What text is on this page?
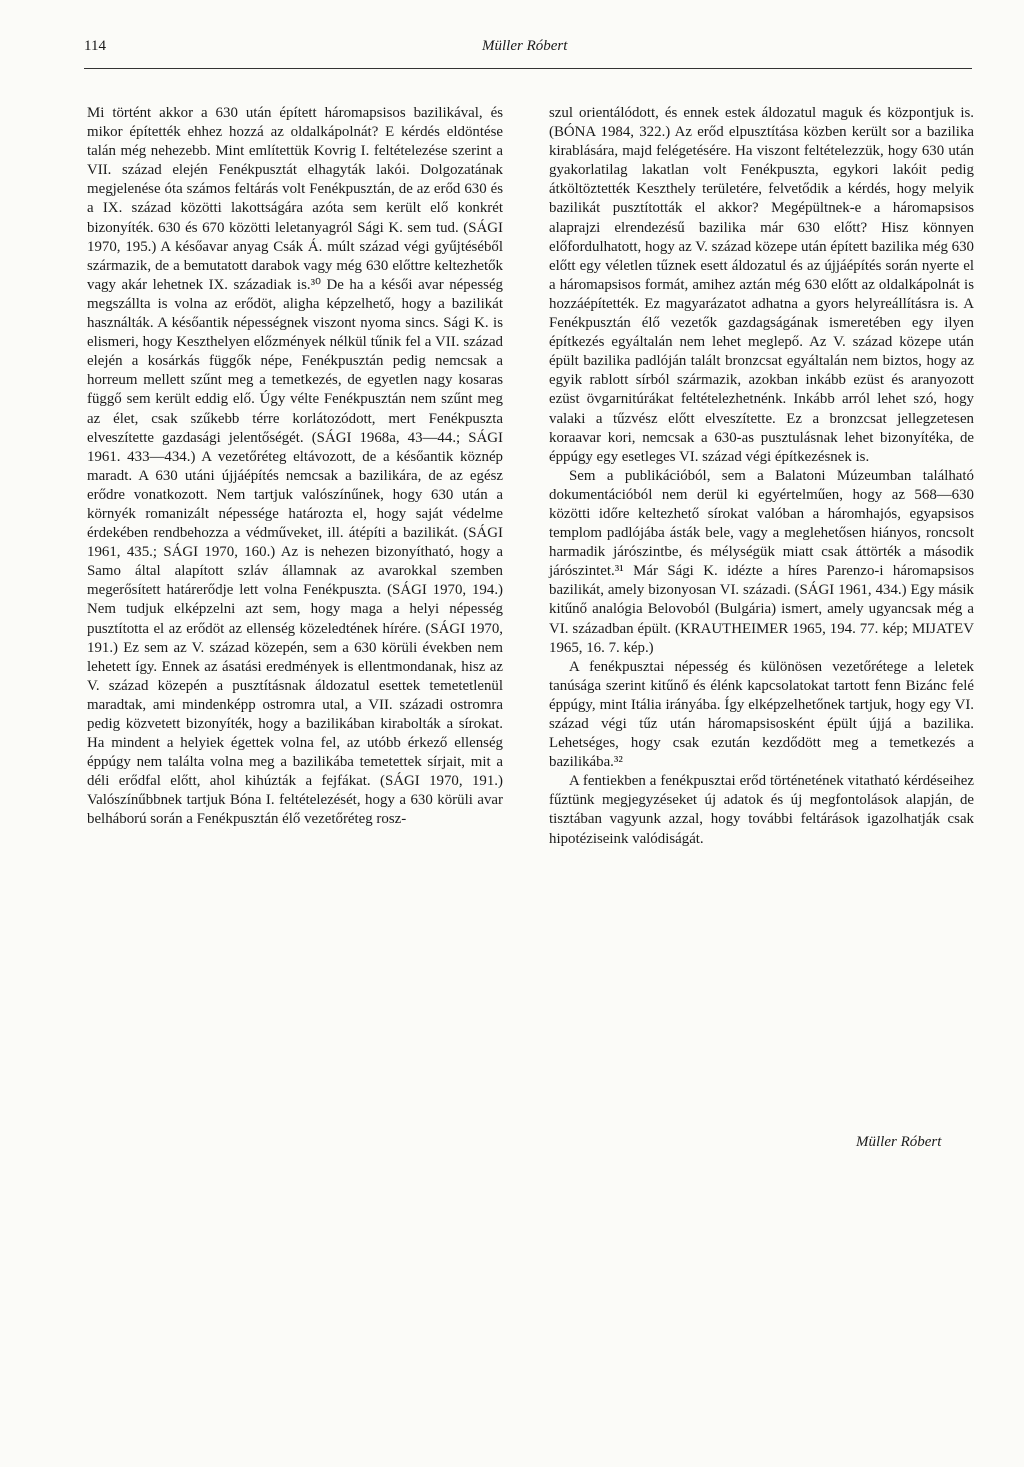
114	Müller Róbert

Mi történt akkor a 630 után épített háromapsisos bazilikával, és mikor építették ehhez hozzá az oldalkápolnát? E kérdés eldöntése talán még nehezebb. Mint említettük Kovrig I. feltételezése szerint a VII. század elején Fenékpusztát elhagyták lakói. Dolgozatának megjelenése óta számos feltárás volt Fenékpusztán, de az erőd 630 és a IX. század közötti lakottságára azóta sem került elő konkrét bizonyíték. 630 és 670 közötti leletanyagról Sági K. sem tud. (SÁGI 1970, 195.) A későavar anyag Csák Á. múlt század végi gyűjtéséből származik, de a bemutatott darabok vagy még 630 előttre keltezhetők vagy akár lehetnek IX. századiak is.³⁰ De ha a késői avar népesség megszállta is volna az erődöt, aligha képzelhető, hogy a bazilikát használták. A későantik népességnek viszont nyoma sincs. Sági K. is elismeri, hogy Keszthelyen előzmények nélkül tűnik fel a VII. század elején a kosárkás függők népe, Fenékpusztán pedig nemcsak a horreum mellett szűnt meg a temetkezés, de egyetlen nagy kosaras függő sem került eddig elő. Úgy vélte Fenékpusztán nem szűnt meg az élet, csak szűkebb térre korlátozódott, mert Fenékpuszta elveszítette gazdasági jelentőségét. (SÁGI 1968a, 43—44.; SÁGI 1961. 433—434.) A vezetőréteg eltávozott, de a későantik köznép maradt. A 630 utáni újjáépítés nemcsak a bazilikára, de az egész erődre vonatkozott. Nem tartjuk valószínűnek, hogy 630 után a környék romanizált népessége határozta el, hogy saját védelme érdekében rendbehozza a védműveket, ill. átépíti a bazilikát. (SÁGI 1961, 435.; SÁGI 1970, 160.) Az is nehezen bizonyítható, hogy a Samo által alapított szláv államnak az avarokkal szemben megerősített határerődje lett volna Fenékpuszta. (SÁGI 1970, 194.) Nem tudjuk elképzelni azt sem, hogy maga a helyi népesség pusztította el az erődöt az ellenség közeledtének hírére. (SÁGI 1970, 191.) Ez sem az V. század közepén, sem a 630 körüli években nem lehetett így. Ennek az ásatási eredmények is ellentmondanak, hisz az V. század közepén a pusztításnak áldozatul esettek temetetlenül maradtak, ami mindenképp ostromra utal, a VII. századi ostromra pedig közvetett bizonyíték, hogy a bazilikában kirabolták a sírokat. Ha mindent a helyiek égettek volna fel, az utóbb érkező ellenség éppúgy nem találta volna meg a bazilikába temetettek sírjait, mit a déli erődfal előtt, ahol kihúzták a fejfákat. (SÁGI 1970, 191.) Valószínűbbnek tartjuk Bóna I. feltételezését, hogy a 630 körüli avar belháború során a Fenékpusztán élő vezetőréteg rosz-

szul orientálódott, és ennek estek áldozatul maguk és központjuk is. (BÓNA 1984, 322.) Az erőd elpusztítása közben került sor a bazilika kirablására, majd felégetésére. Ha viszont feltételezzük, hogy 630 után gyakorlatilag lakatlan volt Fenékpuszta, egykori lakóit pedig átköltöztették Keszthely területére, felvetődik a kérdés, hogy melyik bazilikát pusztították el akkor? Megépültnek-e a háromapsisos alaprajzi elrendezésű bazilika már 630 előtt? Hisz könnyen előfordulhatott, hogy az V. század közepe után épített bazilika még 630 előtt egy véletlen tűznek esett áldozatul és az újjáépítés során nyerte el a háromapsisos formát, amihez aztán még 630 előtt az oldalkápolnát is hozzáépítették. Ez magyarázatot adhatna a gyors helyreállításra is. A Fenékpusztán élő vezetők gazdagságának ismeretében egy ilyen építkezés egyáltalán nem lehet meglepő. Az V. század közepe után épült bazilika padlóján talált bronzcsat egyáltalán nem biztos, hogy az egyik rablott sírból származik, azokban inkább ezüst és aranyozott ezüst övgarnitúrákat feltételezhetnénk. Inkább arról lehet szó, hogy valaki a tűzvész előtt elveszítette. Ez a bronzcsat jellegzetesen koraavar kori, nemcsak a 630-as pusztulásnak lehet bizonyítéka, de éppúgy egy esetleges VI. század végi építkezésnek is.

Sem a publikációból, sem a Balatoni Múzeumban található dokumentációból nem derül ki egyértelműen, hogy az 568—630 közötti időre keltezhető sírokat valóban a háromhajós, egyapsisos templom padlójába ásták bele, vagy a meglehetősen hiányos, roncsolt harmadik járószintbe, és mélységük miatt csak áttörték a második járószintet.³¹ Már Sági K. idézte a híres Parenzo-i háromapsisos bazilikát, amely bizonyosan VI. századi. (SÁGI 1961, 434.) Egy másik kitűnő analógia Belovoból (Bulgária) ismert, amely ugyancsak még a VI. században épült. (KRAUTHEIMER 1965, 194. 77. kép; MIJATEV 1965, 16. 7. kép.)

A fenékpusztai népesség és különösen vezetőrétege a leletek tanúsága szerint kitűnő és élénk kapcsolatokat tartott fenn Bizánc felé éppúgy, mint Itália irányába. Így elképzelhetőnek tartjuk, hogy egy VI. század végi tűz után háromapsisosként épült újjá a bazilika. Lehetséges, hogy csak ezután kezdődött meg a temetkezés a bazilikába.³²

A fentiekben a fenékpusztai erőd történetének vitatható kérdéseihez fűztünk megjegyzéseket új adatok és új megfontolások alapján, de tisztában vagyunk azzal, hogy további feltárások igazolhatják csak hipotéziseink valódiságát.

Müller Róbert
